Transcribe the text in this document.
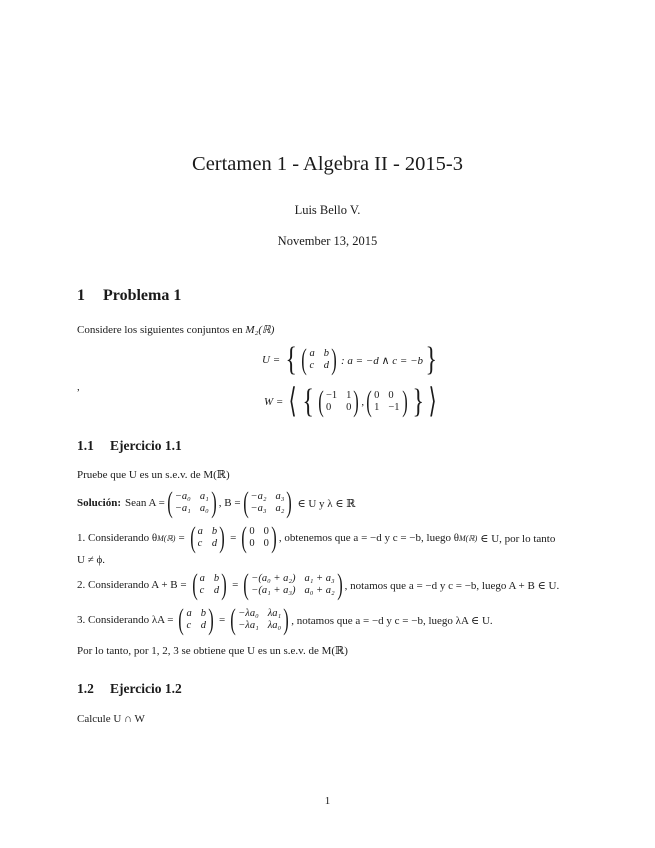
Certamen 1 - Algebra II - 2015-3
Luis Bello V.
November 13, 2015
1 Problema 1
Considere los siguientes conjuntos en M₂(ℝ)
U = { ( a b
c d ) : a = −d ∧ c = −b }
,
W = ⟨ { ( −1 1
0	0 ) , ( 0 0
1 −1 ) } ⟩
1.1 Ejercicio 1.1
Pruebe que U es un s.e.v. de M(ℝ)
Solución: Sean A = ( −a₀ a₁
−a₁ a₀ ) , B = ( −a₂ a₃
−a₃ a₂ ) ∈ U y λ ∈ ℝ
1. Considerando θ M(ℝ) = ( a b
c d ) = ( 0 0
0 0 ) , obtenemos que a = −d y c = −b, luego θ M(ℝ) ∈ U, por lo tanto
U ≠ ϕ.
2. Considerando A + B = ( a b
c d ) = ( −(a₀ + a₂) a₁ + a₃
−(a₁ + a₃) a₀ + a₂ ) , notamos que a = −d y c = −b, luego A + B ∈ U.
3. Considerando λA = ( a b
c d ) = ( −λa₀ λa₁
−λa₁ λa₀ ) , notamos que a = −d y c = −b, luego λA ∈ U.
Por lo tanto, por 1, 2, 3 se obtiene que U es un s.e.v. de M(ℝ)
1.2 Ejercicio 1.2
Calcule U ∩ W
1
